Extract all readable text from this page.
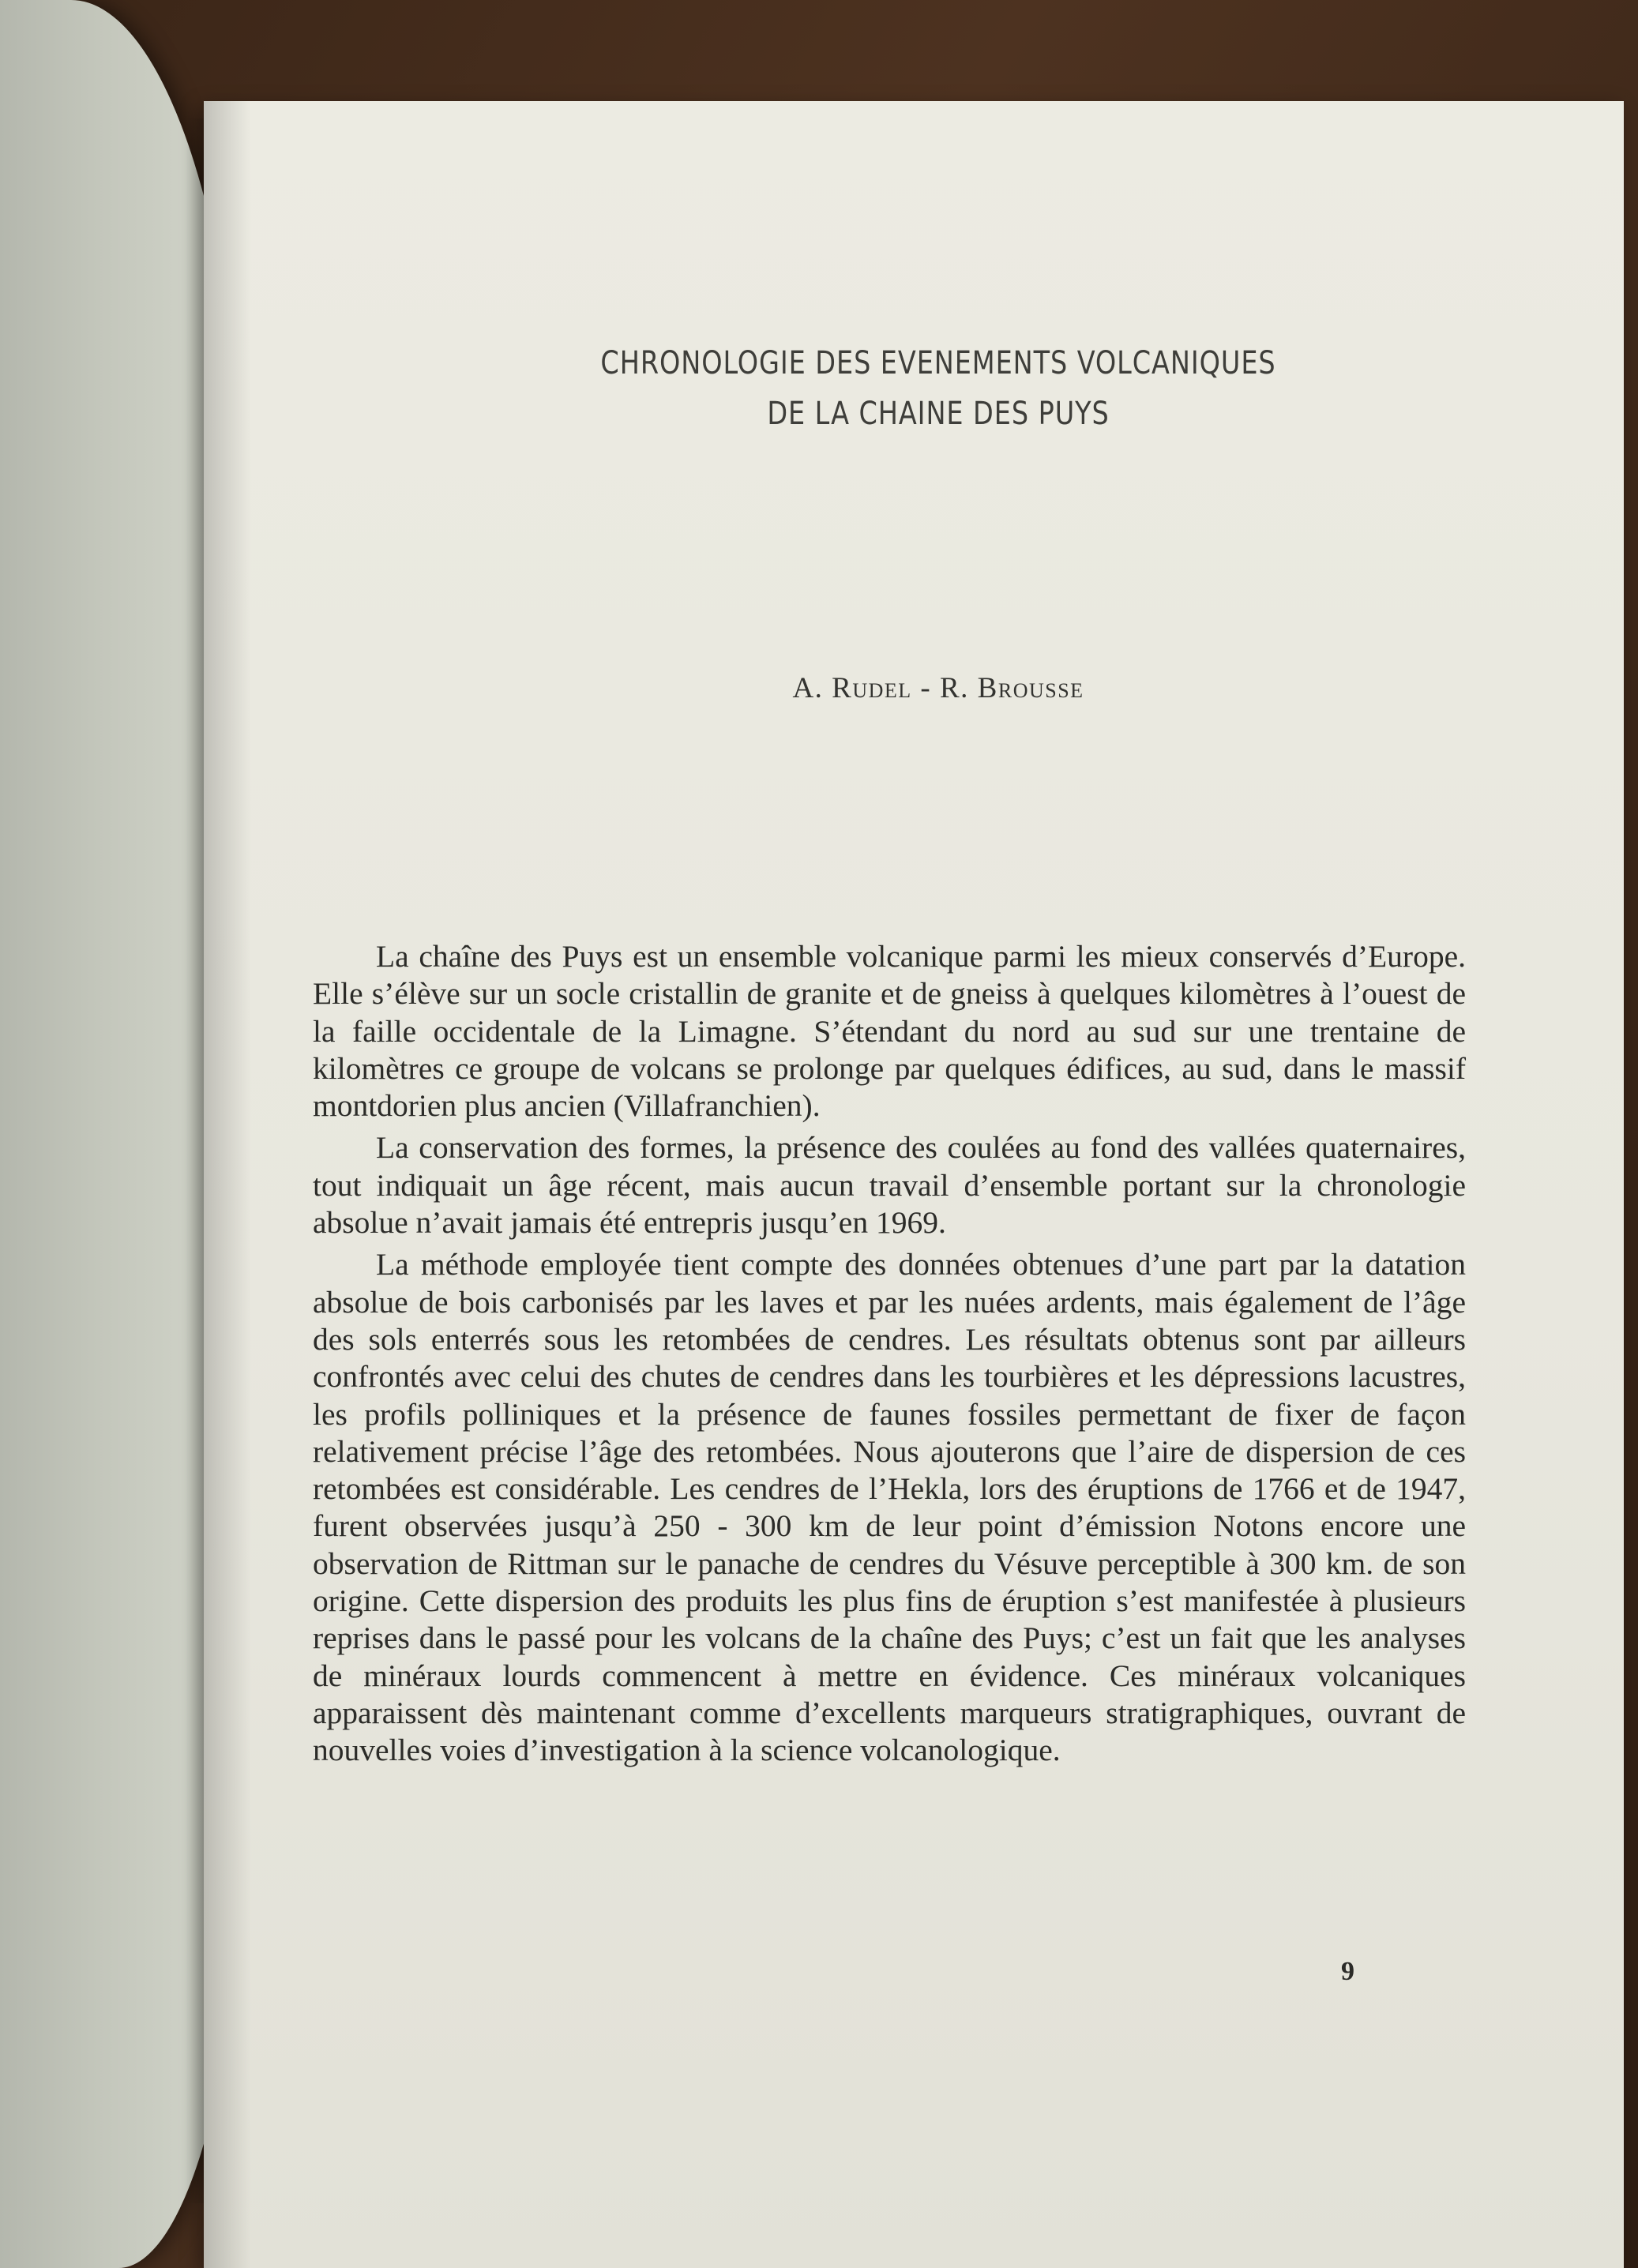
CHRONOLOGIE DES EVENEMENTS VOLCANIQUES
DE LA CHAINE DES PUYS
A. Rudel - R. Brousse

La chaîne des Puys est un ensemble volcanique parmi les mieux conservés d’Europe. Elle s’élève sur un socle cristallin de granite et de gneiss à quelques kilomètres à l’ouest de la faille occidentale de la Limagne. S’étendant du nord au sud sur une trentaine de kilomètres ce groupe de volcans se prolonge par quelques édifices, au sud, dans le massif montdorien plus ancien (Villafranchien).

La conservation des formes, la présence des coulées au fond des vallées quaternaires, tout indiquait un âge récent, mais aucun travail d’ensemble portant sur la chronologie absolue n’avait jamais été entrepris jusqu’en 1969.

La méthode employée tient compte des données obtenues d’une part par la datation absolue de bois carbonisés par les laves et par les nuées ardents, mais également de l’âge des sols enterrés sous les retombées de cendres. Les résultats obtenus sont par ailleurs confrontés avec celui des chutes de cendres dans les tourbières et les dépressions lacustres, les profils polliniques et la présence de faunes fossiles permettant de fixer de façon relativement précise l’âge des retombées. Nous ajouterons que l’aire de dispersion de ces retombées est considérable. Les cendres de l’Hekla, lors des éruptions de 1766 et de 1947, furent observées jusqu’à 250 - 300 km de leur point d’émission Notons encore une observation de Rittman sur le panache de cendres du Vésuve perceptible à 300 km. de son origine. Cette dispersion des produits les plus fins de éruption s’est manifestée à plusieurs reprises dans le passé pour les volcans de la chaîne des Puys; c’est un fait que les analyses de minéraux lourds commencent à mettre en évidence. Ces minéraux volcaniques apparaissent dès maintenant comme d’excellents marqueurs stratigraphiques, ouvrant de nouvelles voies d’investigation à la science volcanologique.

9
